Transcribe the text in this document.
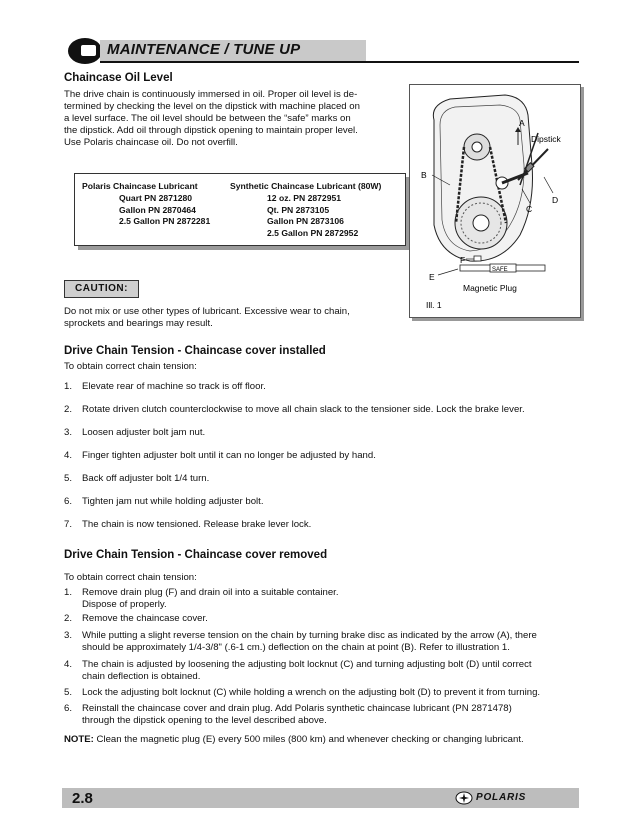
MAINTENANCE / TUNE UP
Chaincase Oil Level
The drive chain is continuously immersed in oil. Proper oil level is de-
termined by checking the level on the dipstick with machine placed on
a level surface. The oil level should be between the “safe” marks on
the dipstick. Add oil through dipstick opening to maintain proper level.
Use Polaris chaincase oil. Do not overfill.
Polaris Chaincase Lubricant
Quart PN 2871280
Gallon PN 2870464
2.5 Gallon PN 2872281
Synthetic Chaincase Lubricant (80W)
12 oz. PN 2872951
Qt. PN 2873105
Gallon PN 2873106
2.5 Gallon PN 2872952
CAUTION:
Do not mix or use other types of lubricant. Excessive wear to chain,
sprockets and bearings may result.
A
Dipstick
B
D
C
F
E
SAFE
Magnetic Plug
Ill. 1
Drive Chain Tension - Chaincase cover installed
To obtain correct chain tension:
1. Elevate rear of machine so track is off floor.
2. Rotate driven clutch counterclockwise to move all chain slack to the tensioner side. Lock the brake lever.
3. Loosen adjuster bolt jam nut.
4. Finger tighten adjuster bolt until it can no longer be adjusted by hand.
5. Back off adjuster bolt 1/4 turn.
6. Tighten jam nut while holding adjuster bolt.
7. The chain is now tensioned. Release brake lever lock.
Drive Chain Tension - Chaincase cover removed
To obtain correct chain tension:
1. Remove drain plug (F) and drain oil into a suitable container.
Dispose of properly.
2. Remove the chaincase cover.
3. While putting a slight reverse tension on the chain by turning brake disc as indicated by the arrow (A), there
should be approximately 1/4-3/8" (.6-1 cm.) deflection on the chain at point (B). Refer to illustration 1.
4. The chain is adjusted by loosening the adjusting bolt locknut (C) and turning adjusting bolt (D) until correct
chain deflection is obtained.
5. Lock the adjusting bolt locknut (C) while holding a wrench on the adjusting bolt (D) to prevent it from turning.
6. Reinstall the chaincase cover and drain plug. Add Polaris synthetic chaincase lubricant (PN 2871478)
through the dipstick opening to the level described above.
NOTE: Clean the magnetic plug (E) every 500 miles (800 km) and whenever checking or changing lubricant.
2.8	POLARIS
